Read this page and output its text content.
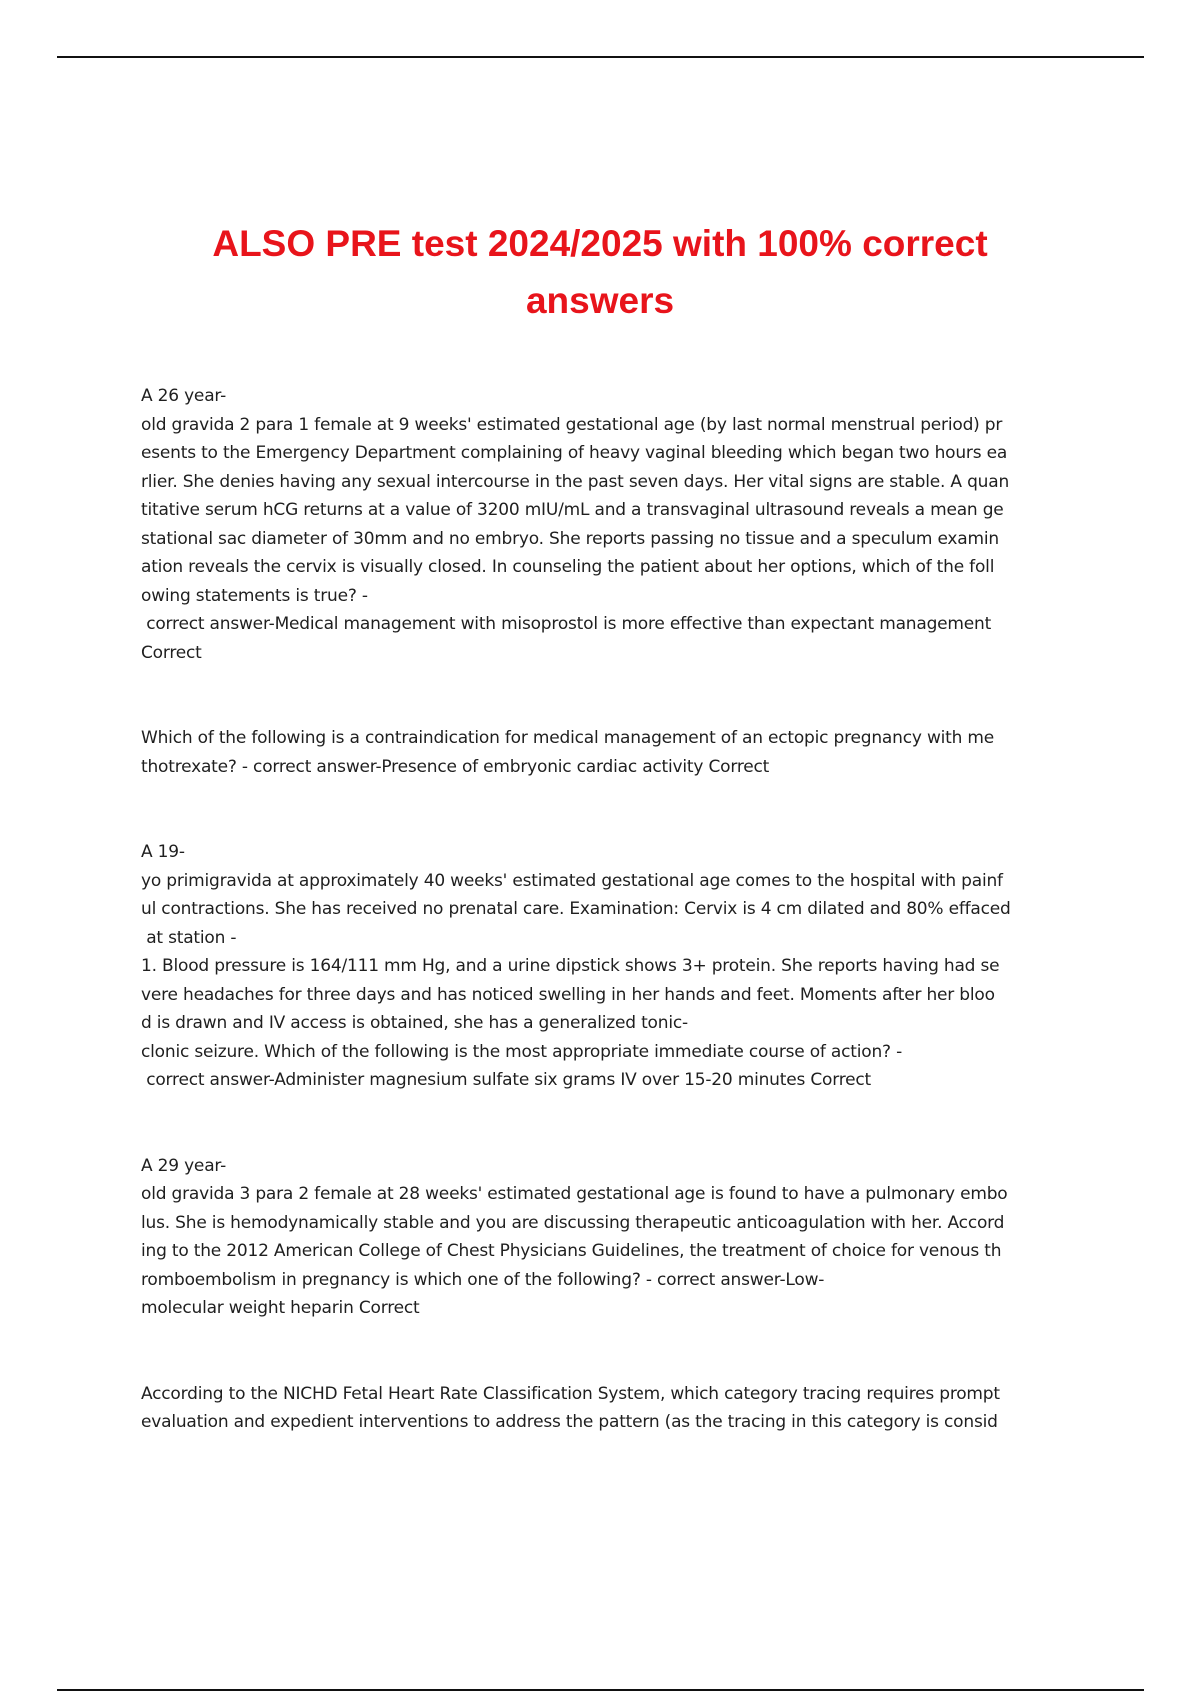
ALSO PRE test 2024/2025 with 100% correct
answers
A 26 year-
old gravida 2 para 1 female at 9 weeks' estimated gestational age (by last normal menstrual period) pr
esents to the Emergency Department complaining of heavy vaginal bleeding which began two hours ea
rlier. She denies having any sexual intercourse in the past seven days. Her vital signs are stable. A quan
titative serum hCG returns at a value of 3200 mIU/mL and a transvaginal ultrasound reveals a mean ge
stational sac diameter of 30mm and no embryo. She reports passing no tissue and a speculum examin
ation reveals the cervix is visually closed. In counseling the patient about her options, which of the foll
owing statements is true? -
correct answer-Medical management with misoprostol is more effective than expectant management
Correct
Which of the following is a contraindication for medical management of an ectopic pregnancy with me
thotrexate? - correct answer-Presence of embryonic cardiac activity Correct
A 19-
yo primigravida at approximately 40 weeks' estimated gestational age comes to the hospital with painf
ul contractions. She has received no prenatal care. Examination: Cervix is 4 cm dilated and 80% effaced
at station -
1. Blood pressure is 164/111 mm Hg, and a urine dipstick shows 3+ protein. She reports having had se
vere headaches for three days and has noticed swelling in her hands and feet. Moments after her bloo
d is drawn and IV access is obtained, she has a generalized tonic-
clonic seizure. Which of the following is the most appropriate immediate course of action? -
correct answer-Administer magnesium sulfate six grams IV over 15-20 minutes Correct
A 29 year-
old gravida 3 para 2 female at 28 weeks' estimated gestational age is found to have a pulmonary embo
lus. She is hemodynamically stable and you are discussing therapeutic anticoagulation with her. Accord
ing to the 2012 American College of Chest Physicians Guidelines, the treatment of choice for venous th
romboembolism in pregnancy is which one of the following? - correct answer-Low-
molecular weight heparin Correct
According to the NICHD Fetal Heart Rate Classification System, which category tracing requires prompt
evaluation and expedient interventions to address the pattern (as the tracing in this category is consid
